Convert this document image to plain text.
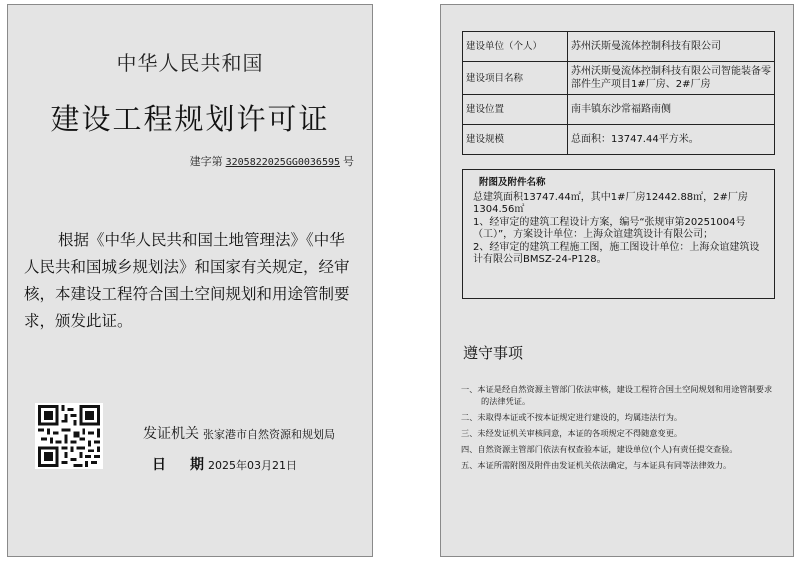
中华人民共和国
建设工程规划许可证
建字第 3205822025GG0036595 号
根据《中华人民共和国土地管理法》《中华人民共和国城乡规划法》和国家有关规定，经审核，本建设工程符合国土空间规划和用途管制要求，颁发此证。
发证机关 张家港市自然资源和规划局
日期2025年03月21日
建设单位（个人）	苏州沃斯曼流体控制科技有限公司
建设项目名称	苏州沃斯曼流体控制科技有限公司智能装备零部件生产项目1#厂房、2#厂房
建设位置	南丰镇东沙常福路南侧
建设规模	总面积：13747.44平方米。
附图及附件名称
总建筑面积13747.44㎡，其中1#厂房12442.88㎡，2#厂房1304.56㎡
1、经审定的建筑工程设计方案，编号“张规审第20251004号（工）”，方案设计单位：上海众谊建筑设计有限公司；
2、经审定的建筑工程施工图，施工图设计单位：上海众谊建筑设计有限公司BMSZ-24-P128。
遵守事项
一、本证是经自然资源主管部门依法审核，建设工程符合国土空间规划和用途管制要求的法律凭证。
二、未取得本证或不按本证规定进行建设的，均属违法行为。
三、未经发证机关审核同意，本证的各项规定不得随意变更。
四、自然资源主管部门依法有权查验本证，建设单位(个人)有责任提交查验。
五、本证所需附图及附件由发证机关依法确定，与本证具有同等法律效力。
